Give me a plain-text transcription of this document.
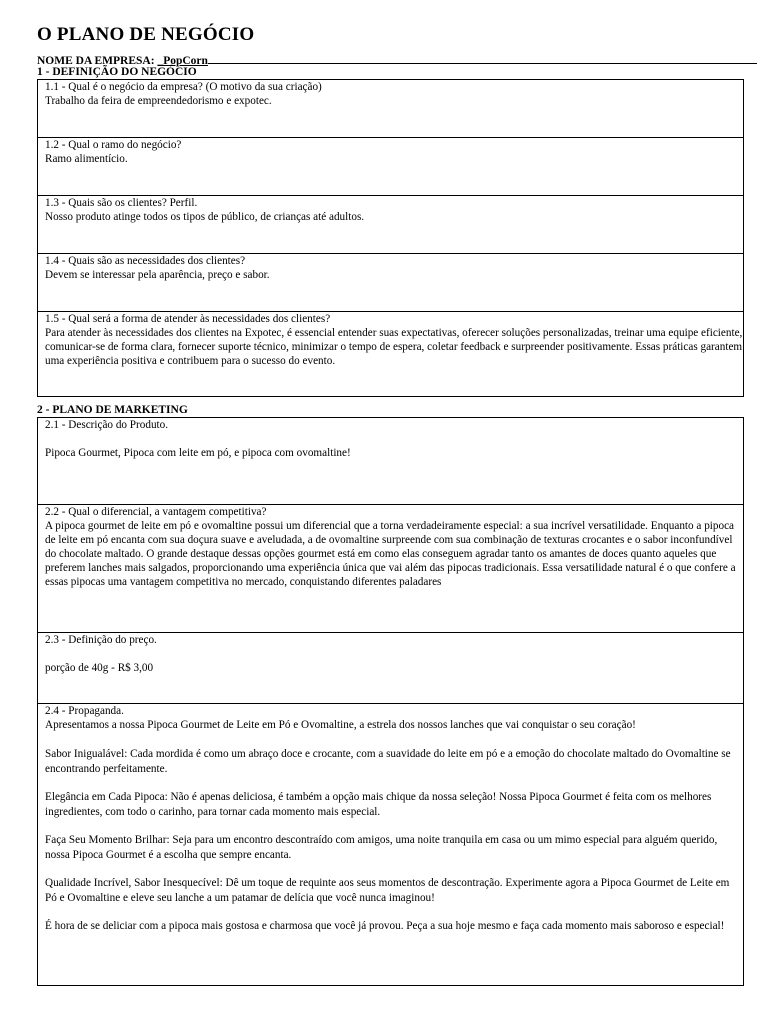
O PLANO DE NEGÓCIO
NOME DA EMPRESA: _PopCorn
1 - DEFINIÇÃO DO NEGÓCIO

1.1 - Qual é o negócio da empresa? (O motivo da sua criação)

Trabalho da feira de empreendedorismo e expotec.

1.2 - Qual o ramo do negócio?

Ramo alimentício.

1.3 - Quais são os clientes? Perfil.

Nosso produto atinge todos os tipos de público, de crianças até adultos.

1.4 - Quais são as necessidades dos clientes?

Devem se interessar pela aparência, preço e sabor.

1.5 - Qual será a forma de atender às necessidades dos clientes?

Para atender às necessidades dos clientes na Expotec, é essencial entender suas expectativas, oferecer soluções personalizadas, treinar uma equipe eficiente, comunicar-se de forma clara, fornecer suporte técnico, minimizar o tempo de espera, coletar feedback e surpreender positivamente. Essas práticas garantem uma experiência positiva e contribuem para o sucesso do evento.

2 - PLANO DE MARKETING

2.1 - Descrição do Produto.

Pipoca Gourmet, Pipoca com leite em pó, e pipoca com ovomaltine!

2.2 - Qual o diferencial, a vantagem competitiva?

A pipoca gourmet de leite em pó e ovomaltine possui um diferencial que a torna verdadeiramente especial: a sua incrível versatilidade. Enquanto a pipoca de leite em pó encanta com sua doçura suave e aveludada, a de ovomaltine surpreende com sua combinação de texturas crocantes e o sabor inconfundível do chocolate maltado. O grande destaque dessas opções gourmet está em como elas conseguem agradar tanto os amantes de doces quanto aqueles que preferem lanches mais salgados, proporcionando uma experiência única que vai além das pipocas tradicionais. Essa versatilidade natural é o que confere a essas pipocas uma vantagem competitiva no mercado, conquistando diferentes paladares

2.3 - Definição do preço.

porção de 40g - R$ 3,00

2.4 - Propaganda.

Apresentamos a nossa Pipoca Gourmet de Leite em Pó e Ovomaltine, a estrela dos nossos lanches que vai conquistar o seu coração!

Sabor Inigualável: Cada mordida é como um abraço doce e crocante, com a suavidade do leite em pó e a emoção do chocolate maltado do Ovomaltine se encontrando perfeitamente.

Elegância em Cada Pipoca: Não é apenas deliciosa, é também a opção mais chique da nossa seleção! Nossa Pipoca Gourmet é feita com os melhores ingredientes, com todo o carinho, para tornar cada momento mais especial.

Faça Seu Momento Brilhar: Seja para um encontro descontraído com amigos, uma noite tranquila em casa ou um mimo especial para alguém querido, nossa Pipoca Gourmet é a escolha que sempre encanta.

Qualidade Incrível, Sabor Inesquecível: Dê um toque de requinte aos seus momentos de descontração. Experimente agora a Pipoca Gourmet de Leite em Pó e Ovomaltine e eleve seu lanche a um patamar de delícia que você nunca imaginou!

É hora de se deliciar com a pipoca mais gostosa e charmosa que você já provou. Peça a sua hoje mesmo e faça cada momento mais saboroso e especial!
